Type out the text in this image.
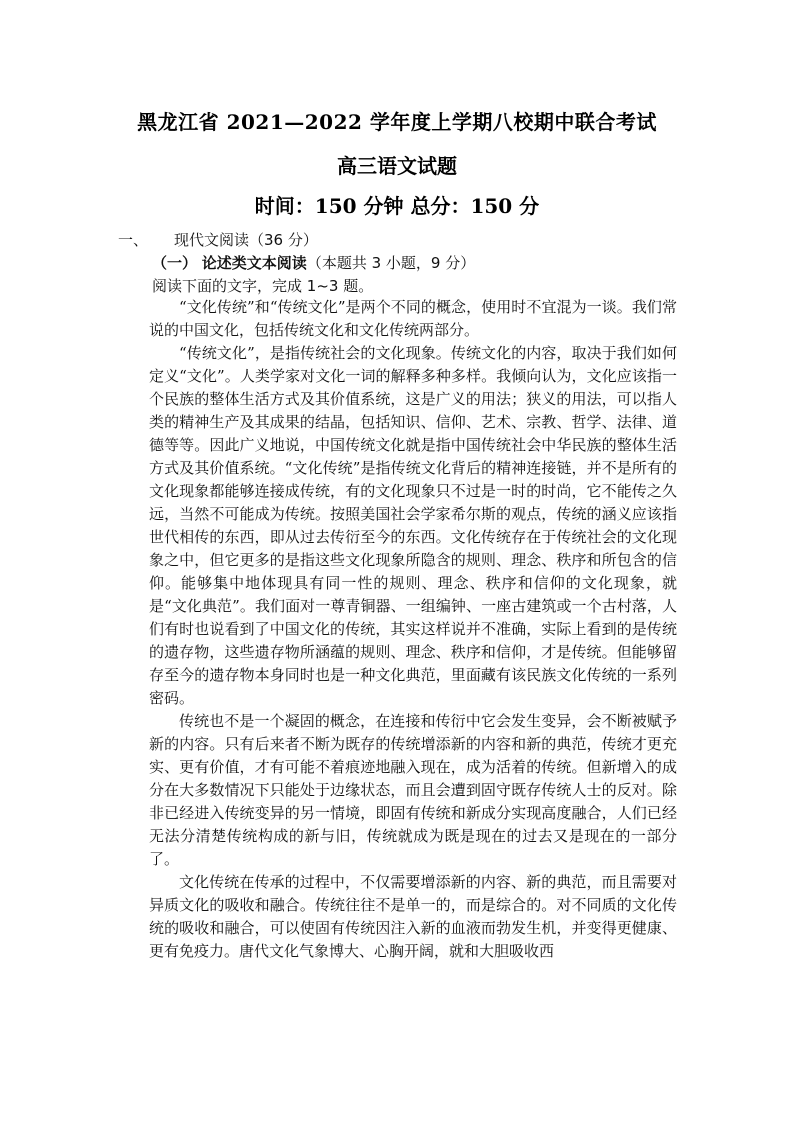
黑龙江省 2021—2022 学年度上学期八校期中联合考试
高三语文试题
时间：150 分钟 总分：150 分
一、 现代文阅读（36 分）
（一） 论述类文本阅读（本题共 3 小题，9 分）
阅读下面的文字，完成 1~3 题。

“文化传统”和“传统文化”是两个不同的概念，使用时不宜混为一谈。我们常说的中国文化，包括传统文化和文化传统两部分。

“传统文化”，是指传统社会的文化现象。传统文化的内容，取决于我们如何定义“文化”。人类学家对文化一词的解释多种多样。我倾向认为，文化应该指一个民族的整体生活方式及其价值系统，这是广义的用法；狭义的用法，可以指人类的精神生产及其成果的结晶，包括知识、信仰、艺术、宗教、哲学、法律、道德等等。因此广义地说，中国传统文化就是指中国传统社会中华民族的整体生活方式及其价值系统。“文化传统”是指传统文化背后的精神连接链，并不是所有的文化现象都能够连接成传统，有的文化现象只不过是一时的时尚，它不能传之久远，当然不可能成为传统。按照美国社会学家希尔斯的观点，传统的涵义应该指世代相传的东西，即从过去传衍至今的东西。文化传统存在于传统社会的文化现象之中，但它更多的是指这些文化现象所隐含的规则、理念、秩序和所包含的信仰。能够集中地体现具有同一性的规则、理念、秩序和信仰的文化现象，就是“文化典范”。我们面对一尊青铜器、一组编钟、一座古建筑或一个古村落，人们有时也说看到了中国文化的传统，其实这样说并不准确，实际上看到的是传统的遗存物，这些遗存物所涵蕴的规则、理念、秩序和信仰，才是传统。但能够留存至今的遗存物本身同时也是一种文化典范，里面藏有该民族文化传统的一系列密码。

传统也不是一个凝固的概念，在连接和传衍中它会发生变异，会不断被赋予新的内容。只有后来者不断为既存的传统增添新的内容和新的典范，传统才更充实、更有价值，才有可能不着痕迹地融入现在，成为活着的传统。但新增入的成分在大多数情况下只能处于边缘状态，而且会遭到固守既存传统人士的反对。除非已经进入传统变异的另一情境，即固有传统和新成分实现高度融合，人们已经无法分清楚传统构成的新与旧，传统就成为既是现在的过去又是现在的一部分了。

文化传统在传承的过程中，不仅需要增添新的内容、新的典范，而且需要对异质文化的吸收和融合。传统往往不是单一的，而是综合的。对不同质的文化传统的吸收和融合，可以使固有传统因注入新的血液而勃发生机，并变得更健康、更有免疫力。唐代文化气象博大、心胸开阔，就和大胆吸收西
